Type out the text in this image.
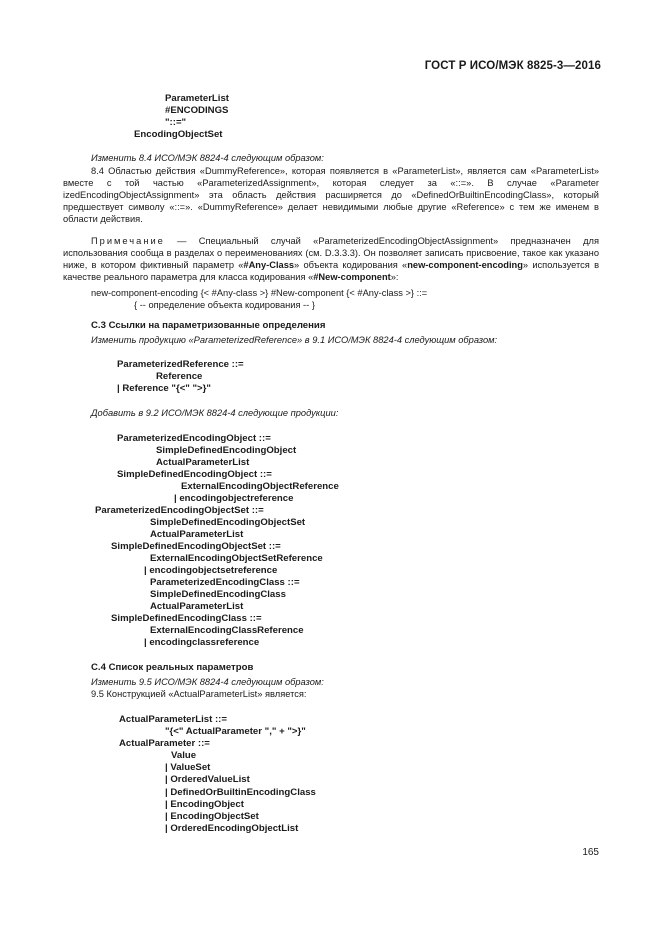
ГОСТ Р ИСО/МЭК 8825-3—2016
ParameterList
#ENCODINGS
"::="
EncodingObjectSet
Изменить 8.4 ИСО/МЭК 8824-4 следующим образом:

8.4 Областью действия «DummyReference», которая появляется в «ParameterList», является сам «ParameterList» вместе с той частью «ParameterizedAssignment», которая следует за «::=». В случае «Parameter izedEncodingObjectAssignment» эта область действия расширяется до «DefinedOrBuiltinEncodingClass», который предшествует символу «::=». «DummyReference» делает невидимыми любые другие «Reference» с тем же именем в области действия.

Примечание — Специальный случай «ParameterizedEncodingObjectAssignment» предназначен для использования сообща в разделах о переименованиях (см. D.3.3.3). Он позволяет записать присвоение, такое как указано ниже, в котором фиктивный параметр «#Any-Class» объекта кодирования «new-component-encoding» используется в качестве реального параметра для класса кодирования «#New-component»:

new-component-encoding {< #Any-class >} #New-component {< #Any-class >} ::=
{ -- определение объекта кодирования -- }
C.3 Ссылки на параметризованные определения
Изменить продукцию «ParameterizedReference» в 9.1 ИСО/МЭК 8824-4 следующим образом:
ParameterizedReference ::=
Reference
| Reference "{<" ">}"
Добавить в 9.2 ИСО/МЭК 8824-4 следующие продукции:
ParameterizedEncodingObject ::=
SimpleDefinedEncodingObject
ActualParameterList
SimpleDefinedEncodingObject ::=
ExternalEncodingObjectReference
| encodingobjectreference
ParameterizedEncodingObjectSet ::=
SimpleDefinedEncodingObjectSet
ActualParameterList
SimpleDefinedEncodingObjectSet ::=
ExternalEncodingObjectSetReference
| encodingobjectsetreference
ParameterizedEncodingClass ::=
SimpleDefinedEncodingClass
ActualParameterList
SimpleDefinedEncodingClass ::=
ExternalEncodingClassReference
| encodingclassreference
C.4 Список реальных параметров
Изменить 9.5 ИСО/МЭК 8824-4 следующим образом:
9.5 Конструкцией «ActualParameterList» является:
ActualParameterList ::=
"{<" ActualParameter "," + ">}"
ActualParameter ::=
Value
| ValueSet
| OrderedValueList
| DefinedOrBuiltinEncodingClass
| EncodingObject
| EncodingObjectSet
| OrderedEncodingObjectList
165
